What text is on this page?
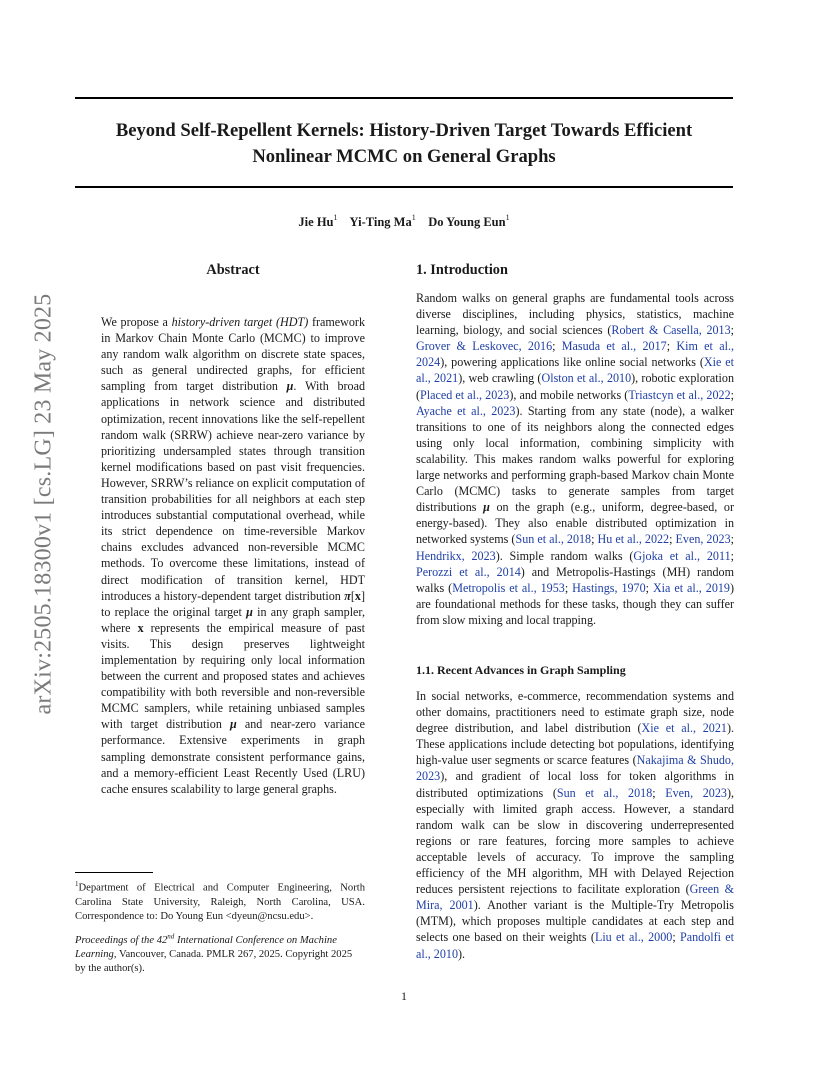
arXiv:2505.18300v1 [cs.LG] 23 May 2025
Beyond Self-Repellent Kernels: History-Driven Target Towards Efficient
Nonlinear MCMC on General Graphs
Jie Hu$^1$ Yi-Ting Ma$^1$ Do Young Eun$^1$
Abstract	1. Introduction

We propose a history-driven target (HDT) framework in Markov Chain Monte Carlo (MCMC) to improve any random walk algorithm on discrete state spaces, such as general undirected graphs, for efficient sampling from target distribution μ. With broad applications in network science and distributed optimization, recent innovations like the self-repellent random walk (SRRW) achieve near-zero variance by prioritizing undersampled states through transition kernel modifications based on past visit frequencies. However, SRRW’s reliance on explicit computation of transition probabilities for all neighbors at each step introduces substantial computational overhead, while its strict dependence on time-reversible Markov chains excludes advanced non-reversible MCMC methods. To overcome these limitations, instead of direct modification of transition kernel, HDT introduces a history-dependent target distribution π[x] to replace the original target μ in any graph sampler, where x represents the empirical measure of past visits. This design preserves lightweight implementation by requiring only local information between the current and proposed states and achieves compatibility with both reversible and non-reversible MCMC samplers, while retaining unbiased samples with target distribution μ and near-zero variance performance. Extensive experiments in graph sampling demonstrate consistent performance gains, and a memory-efficient Least Recently Used (LRU) cache ensures scalability to large general graphs.

Random walks on general graphs are fundamental tools across diverse disciplines, including physics, statistics, machine learning, biology, and social sciences (Robert & Casella, 2013; Grover & Leskovec, 2016; Masuda et al., 2017; Kim et al., 2024), powering applications like online social networks (Xie et al., 2021), web crawling (Olston et al., 2010), robotic exploration (Placed et al., 2023), and mobile networks (Triastcyn et al., 2022; Ayache et al., 2023). Starting from any state (node), a walker transitions to one of its neighbors along the connected edges using only local information, combining simplicity with scalability. This makes random walks powerful for exploring large networks and performing graph-based Markov chain Monte Carlo (MCMC) tasks to generate samples from target distributions μ on the graph (e.g., uniform, degree-based, or energy-based). They also enable distributed optimization in networked systems (Sun et al., 2018; Hu et al., 2022; Even, 2023; Hendrikx, 2023). Simple random walks (Gjoka et al., 2011; Perozzi et al., 2014) and Metropolis-Hastings (MH) random walks (Metropolis et al., 1953; Hastings, 1970; Xia et al., 2019) are foundational methods for these tasks, though they can suffer from slow mixing and local trapping.

1.1. Recent Advances in Graph Sampling

In social networks, e-commerce, recommendation systems and other domains, practitioners need to estimate graph size, node degree distribution, and label distribution (Xie et al., 2021). These applications include detecting bot populations, identifying high-value user segments or scarce features (Nakajima & Shudo, 2023), and gradient of local loss for token algorithms in distributed optimizations (Sun et al., 2018; Even, 2023), especially with limited graph access. However, a standard random walk can be slow in discovering underrepresented regions or rare features, forcing more samples to achieve acceptable levels of accuracy. To improve the sampling efficiency of the MH algorithm, MH with Delayed Rejection reduces persistent rejections to facilitate exploration (Green & Mira, 2001). Another variant is the Multiple-Try Metropolis (MTM), which proposes multiple candidates at each step and selects one based on their weights (Liu et al., 2000; Pandolfi et al., 2010).

$^1$Department of Electrical and Computer Engineering, North Carolina State University, Raleigh, North Carolina, USA. Correspondence to: Do Young Eun <dyeun@ncsu.edu>.

Proceedings of the 42nd International Conference on Machine Learning, Vancouver, Canada. PMLR 267, 2025. Copyright 2025 by the author(s).

1
